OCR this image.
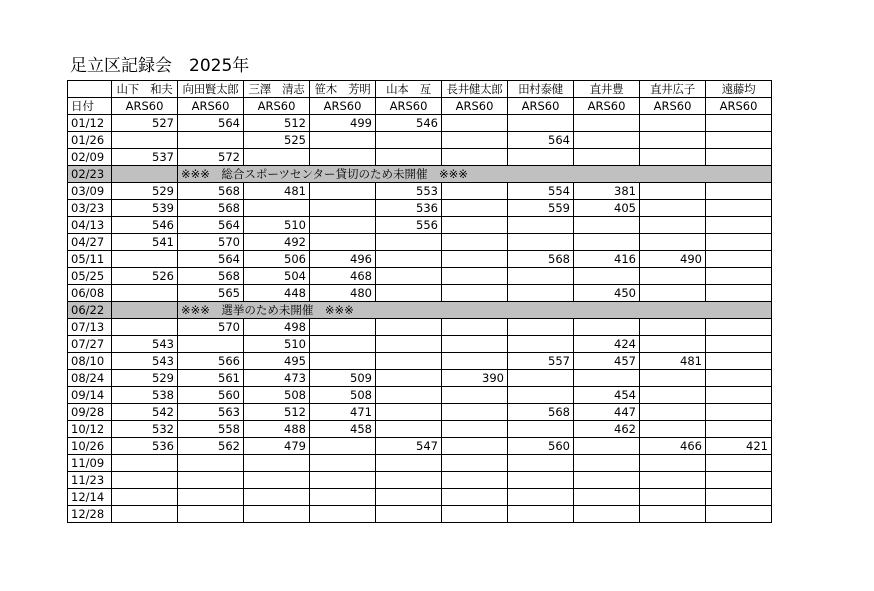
足立区記録会　2025年
	山下　和夫	向田賢太郎	三澤　清志	笹木　芳明	山本　亙	長井健太郎	田村泰健	直井豊	直井広子	遠藤均
日付	ARS60	ARS60	ARS60	ARS60	ARS60	ARS60	ARS60	ARS60	ARS60	ARS60
01/12	527	564	512	499	546					
01/26			525				564			
02/09	537	572								
02/23		※※※　総合スポーツセンター貸切のため未開催　※※※								
03/09	529	568	481		553		554	381		
03/23	539	568			536		559	405		
04/13	546	564	510		556					
04/27	541	570	492							
05/11		564	506	496			568	416	490	
05/25	526	568	504	468						
06/08		565	448	480				450		
06/22		※※※　選挙のため未開催　※※※								
07/13		570	498							
07/27	543		510					424		
08/10	543	566	495				557	457	481	
08/24	529	561	473	509		390				
09/14	538	560	508	508				454		
09/28	542	563	512	471			568	447		
10/12	532	558	488	458				462		
10/26	536	562	479		547		560		466	421
11/09										
11/23										
12/14										
12/28										
